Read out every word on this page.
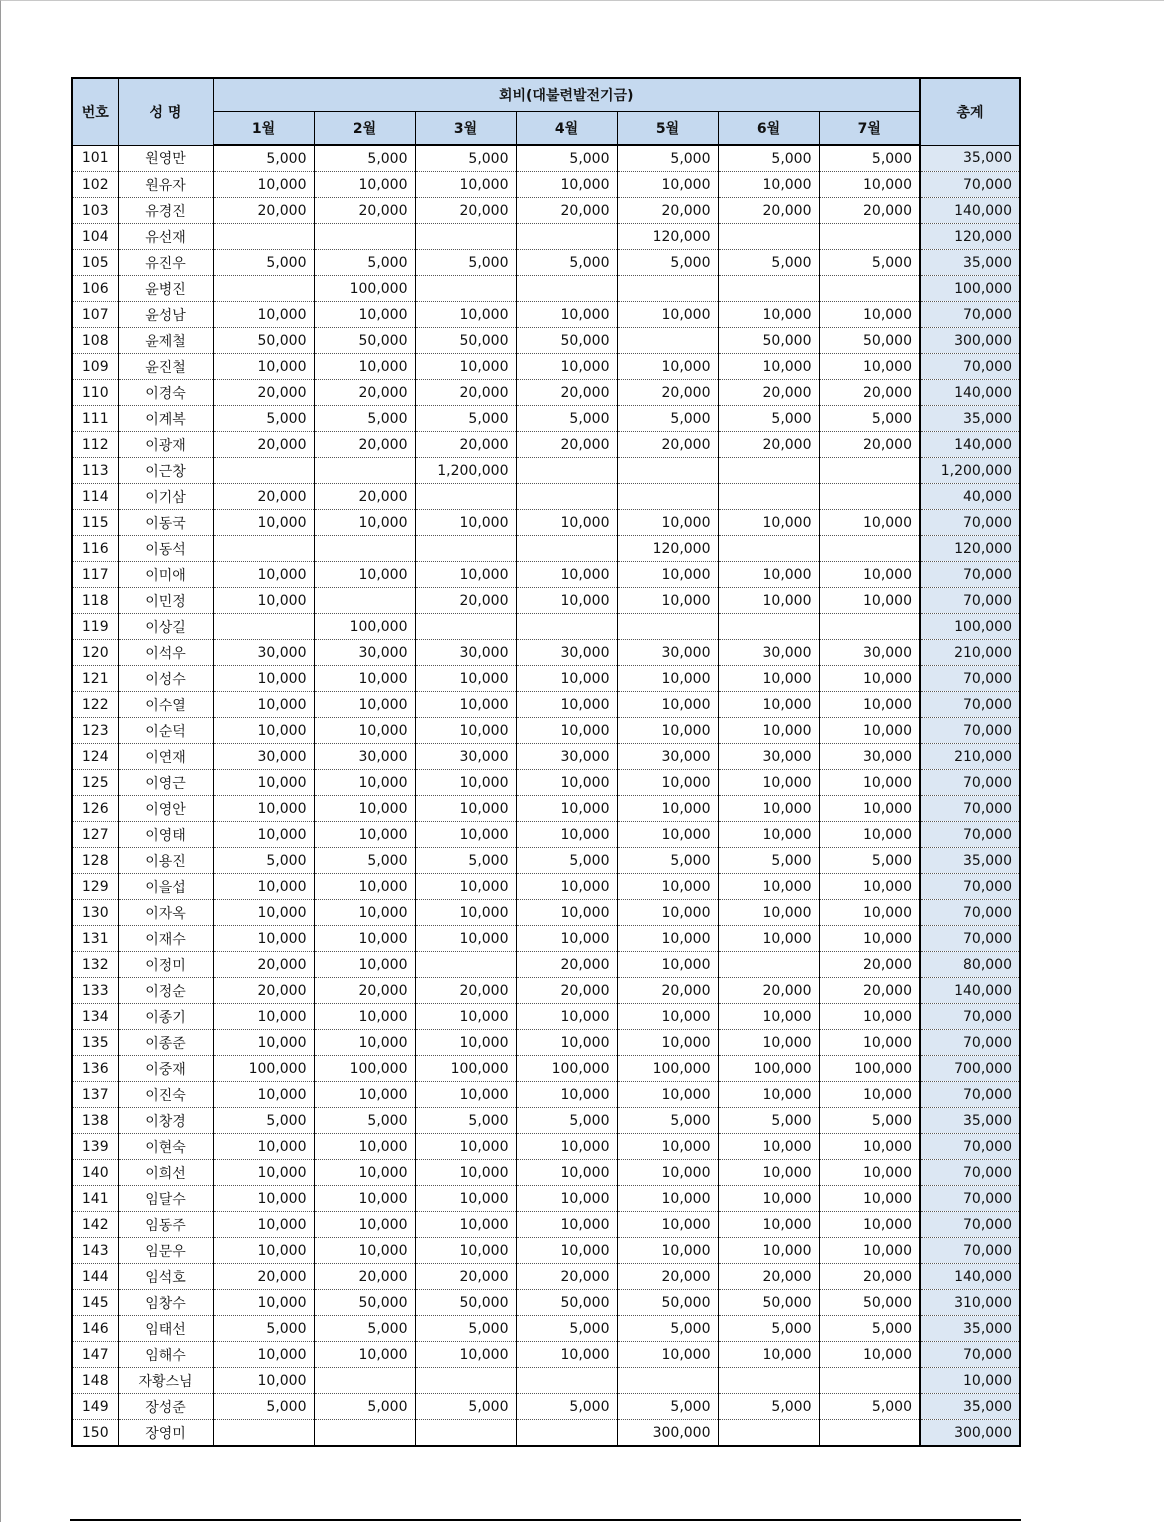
번호	성 명	회비(대불련발전기금)							총계
		1월	2월	3월	4월	5월	6월	7월	
101	원영만	5,000	5,000	5,000	5,000	5,000	5,000	5,000	35,000
102	원유자	10,000	10,000	10,000	10,000	10,000	10,000	10,000	70,000
103	유경진	20,000	20,000	20,000	20,000	20,000	20,000	20,000	140,000
104	유선재					120,000			120,000
105	유진우	5,000	5,000	5,000	5,000	5,000	5,000	5,000	35,000
106	윤병진		100,000						100,000
107	윤성남	10,000	10,000	10,000	10,000	10,000	10,000	10,000	70,000
108	윤제철	50,000	50,000	50,000	50,000		50,000	50,000	300,000
109	윤진철	10,000	10,000	10,000	10,000	10,000	10,000	10,000	70,000
110	이경숙	20,000	20,000	20,000	20,000	20,000	20,000	20,000	140,000
111	이계복	5,000	5,000	5,000	5,000	5,000	5,000	5,000	35,000
112	이광재	20,000	20,000	20,000	20,000	20,000	20,000	20,000	140,000
113	이근창			1,200,000					1,200,000
114	이기삼	20,000	20,000						40,000
115	이동국	10,000	10,000	10,000	10,000	10,000	10,000	10,000	70,000
116	이동석					120,000			120,000
117	이미애	10,000	10,000	10,000	10,000	10,000	10,000	10,000	70,000
118	이민정	10,000		20,000	10,000	10,000	10,000	10,000	70,000
119	이상길		100,000						100,000
120	이석우	30,000	30,000	30,000	30,000	30,000	30,000	30,000	210,000
121	이성수	10,000	10,000	10,000	10,000	10,000	10,000	10,000	70,000
122	이수열	10,000	10,000	10,000	10,000	10,000	10,000	10,000	70,000
123	이순덕	10,000	10,000	10,000	10,000	10,000	10,000	10,000	70,000
124	이연재	30,000	30,000	30,000	30,000	30,000	30,000	30,000	210,000
125	이영근	10,000	10,000	10,000	10,000	10,000	10,000	10,000	70,000
126	이영안	10,000	10,000	10,000	10,000	10,000	10,000	10,000	70,000
127	이영태	10,000	10,000	10,000	10,000	10,000	10,000	10,000	70,000
128	이용진	5,000	5,000	5,000	5,000	5,000	5,000	5,000	35,000
129	이을섭	10,000	10,000	10,000	10,000	10,000	10,000	10,000	70,000
130	이자옥	10,000	10,000	10,000	10,000	10,000	10,000	10,000	70,000
131	이재수	10,000	10,000	10,000	10,000	10,000	10,000	10,000	70,000
132	이정미	20,000	10,000		20,000	10,000		20,000	80,000
133	이정순	20,000	20,000	20,000	20,000	20,000	20,000	20,000	140,000
134	이종기	10,000	10,000	10,000	10,000	10,000	10,000	10,000	70,000
135	이종준	10,000	10,000	10,000	10,000	10,000	10,000	10,000	70,000
136	이중재	100,000	100,000	100,000	100,000	100,000	100,000	100,000	700,000
137	이진숙	10,000	10,000	10,000	10,000	10,000	10,000	10,000	70,000
138	이창경	5,000	5,000	5,000	5,000	5,000	5,000	5,000	35,000
139	이현숙	10,000	10,000	10,000	10,000	10,000	10,000	10,000	70,000
140	이희선	10,000	10,000	10,000	10,000	10,000	10,000	10,000	70,000
141	임달수	10,000	10,000	10,000	10,000	10,000	10,000	10,000	70,000
142	임동주	10,000	10,000	10,000	10,000	10,000	10,000	10,000	70,000
143	임문우	10,000	10,000	10,000	10,000	10,000	10,000	10,000	70,000
144	임석호	20,000	20,000	20,000	20,000	20,000	20,000	20,000	140,000
145	임창수	10,000	50,000	50,000	50,000	50,000	50,000	50,000	310,000
146	임태선	5,000	5,000	5,000	5,000	5,000	5,000	5,000	35,000
147	임해수	10,000	10,000	10,000	10,000	10,000	10,000	10,000	70,000
148	자황스님	10,000							10,000
149	장성준	5,000	5,000	5,000	5,000	5,000	5,000	5,000	35,000
150	장영미					300,000			300,000
